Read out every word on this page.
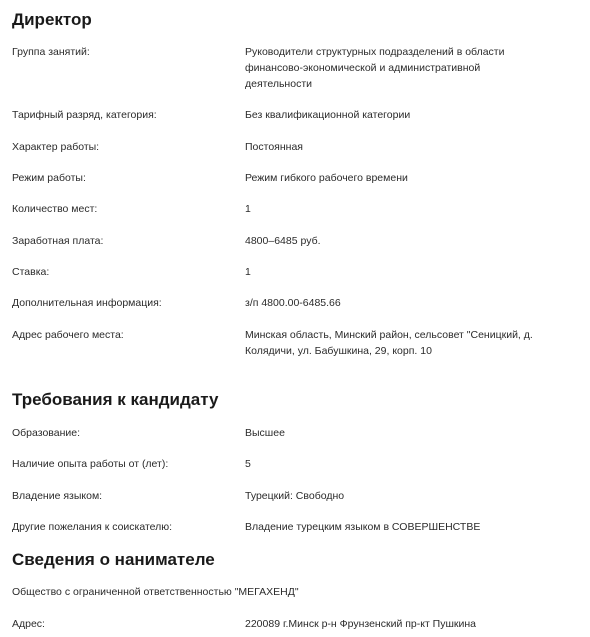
Директор
Группа занятий:	Руководители структурных подразделений в области финансово-экономической и административной деятельности
Тарифный разряд, категория:	Без квалификационной категории
Характер работы:	Постоянная
Режим работы:	Режим гибкого рабочего времени
Количество мест:	1
Заработная плата:	4800–6485 руб.
Ставка:	1
Дополнительная информация:	з/п 4800.00-6485.66
Адрес рабочего места:	Минская область, Минский район, сельсовет "Сеницкий, д. Колядичи, ул. Бабушкина, 29, корп. 10
Требования к кандидату
Образование:	Высшее
Наличие опыта работы от (лет):	5
Владение языком:	Турецкий: Свободно
Другие пожелания к соискателю:	Владение турецким языком в СОВЕРШЕНСТВЕ
Сведения о нанимателе
Общество с ограниченной ответственностью "МЕГАХЕНД"
Адрес:	220089 г.Минск р-н Фрунзенский пр-кт Пушкина
